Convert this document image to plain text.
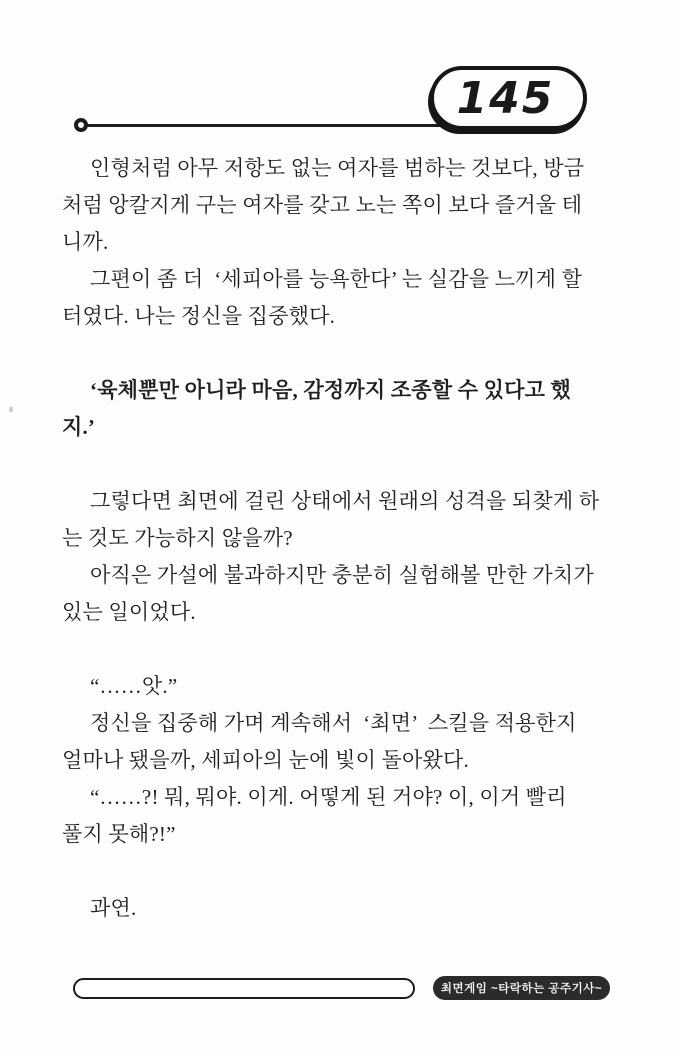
145

인형처럼 아무 저항도 없는 여자를 범하는 것보다, 방금
처럼 앙칼지게 구는 여자를 갖고 노는 쪽이 보다 즐거울 테
니까.

그편이 좀 더  ‘세피아를 능욕한다’ 는 실감을 느끼게 할
터였다. 나는 정신을 집중했다.

‘육체뿐만 아니라 마음, 감정까지 조종할 수 있다고 했
지.’

그렇다면 최면에 걸린 상태에서 원래의 성격을 되찾게 하
는 것도 가능하지 않을까?

아직은 가설에 불과하지만 충분히 실험해볼 만한 가치가
있는 일이었다.

“……앗.”

정신을 집중해 가며 계속해서  ‘최면’  스킬을 적용한지
얼마나 됐을까, 세피아의 눈에 빛이 돌아왔다.

“……?! 뭐, 뭐야. 이게. 어떻게 된 거야? 이, 이거 빨리
풀지 못해?!”

과연.

최면게임 ~타락하는 공주기사~
